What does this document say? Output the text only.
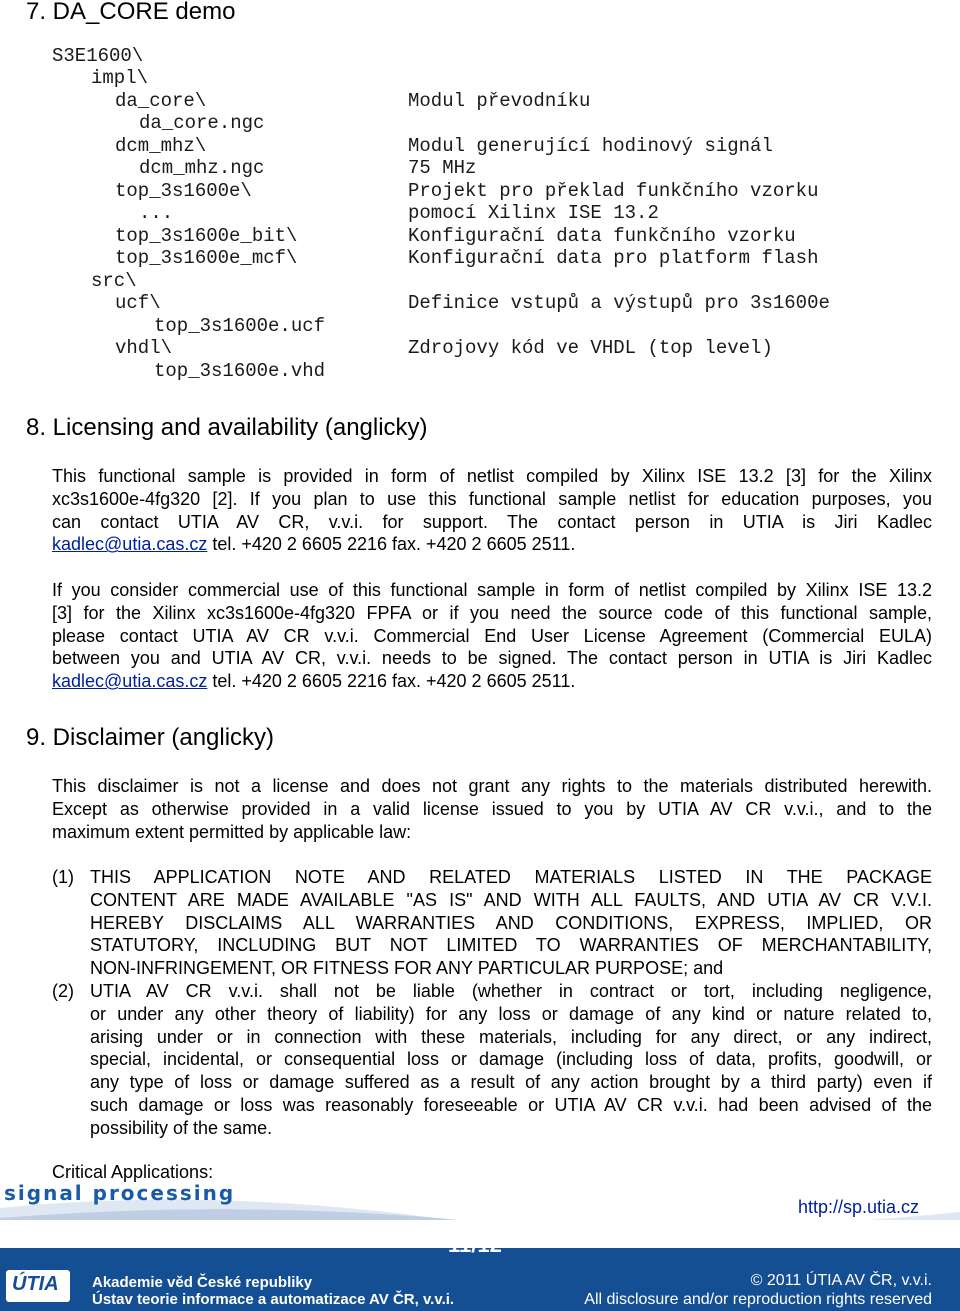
7. DA_CORE demo
S3E1600\
impl\
da_core\
da_core.ngc
dcm_mhz\
dcm_mhz.ngc
top_3s1600e\
...
top_3s1600e_bit\
top_3s1600e_mcf\
src\
ucf\
top_3s1600e.ucf
vhdl\
top_3s1600e.vhd
Modul převodníku
Modul generující hodinový signál
75 MHz
Projekt pro překlad funkčního vzorku
pomocí Xilinx ISE 13.2
Konfigurační data funkčního vzorku
Konfigurační data pro platform flash
Definice vstupů a výstupů pro 3s1600e
Zdrojovy kód ve VHDL (top level)
8. Licensing and availability (anglicky)
This functional sample is provided in form of netlist compiled by Xilinx ISE 13.2 [3] for the Xilinx
xc3s1600e-4fg320 [2]. If you plan to use this functional sample netlist for education purposes, you
can contact UTIA AV CR, v.v.i. for support. The contact person in UTIA is Jiri Kadlec
kadlec@utia.cas.cz tel. +420 2 6605 2216 fax. +420 2 6605 2511.
If you consider commercial use of this functional sample in form of netlist compiled by Xilinx ISE 13.2
[3] for the Xilinx xc3s1600e-4fg320 FPFA or if you need the source code of this functional sample,
please contact UTIA AV CR v.v.i. Commercial End User License Agreement (Commercial EULA)
between you and UTIA AV CR, v.v.i. needs to be signed. The contact person in UTIA is Jiri Kadlec
kadlec@utia.cas.cz tel. +420 2 6605 2216 fax. +420 2 6605 2511.
9. Disclaimer (anglicky)
This disclaimer is not a license and does not grant any rights to the materials distributed herewith.
Except as otherwise provided in a valid license issued to you by UTIA AV CR v.v.i., and to the
maximum extent permitted by applicable law:
(1) THIS APPLICATION NOTE AND RELATED MATERIALS LISTED IN THE PACKAGE
CONTENT ARE MADE AVAILABLE "AS IS" AND WITH ALL FAULTS, AND UTIA AV CR V.V.I.
HEREBY DISCLAIMS ALL WARRANTIES AND CONDITIONS, EXPRESS, IMPLIED, OR
STATUTORY, INCLUDING BUT NOT LIMITED TO WARRANTIES OF MERCHANTABILITY,
NON-INFRINGEMENT, OR FITNESS FOR ANY PARTICULAR PURPOSE; and
(2) UTIA AV CR v.v.i. shall not be liable (whether in contract or tort, including negligence,
or under any other theory of liability) for any loss or damage of any kind or nature related to,
arising under or in connection with these materials, including for any direct, or any indirect,
special, incidental, or consequential loss or damage (including loss of data, profits, goodwill, or
any type of loss or damage suffered as a result of any action brought by a third party) even if
such damage or loss was reasonably foreseeable or UTIA AV CR v.v.i. had been advised of the
possibility of the same.
Critical Applications:
signal processing
http://sp.utia.cz
11/12
ÚTIA Akademie věd České republiky
Ústav teorie informace a automatizace AV ČR, v.v.i.
© 2011 ÚTIA AV ČR, v.v.i.
All disclosure and/or reproduction rights reserved
